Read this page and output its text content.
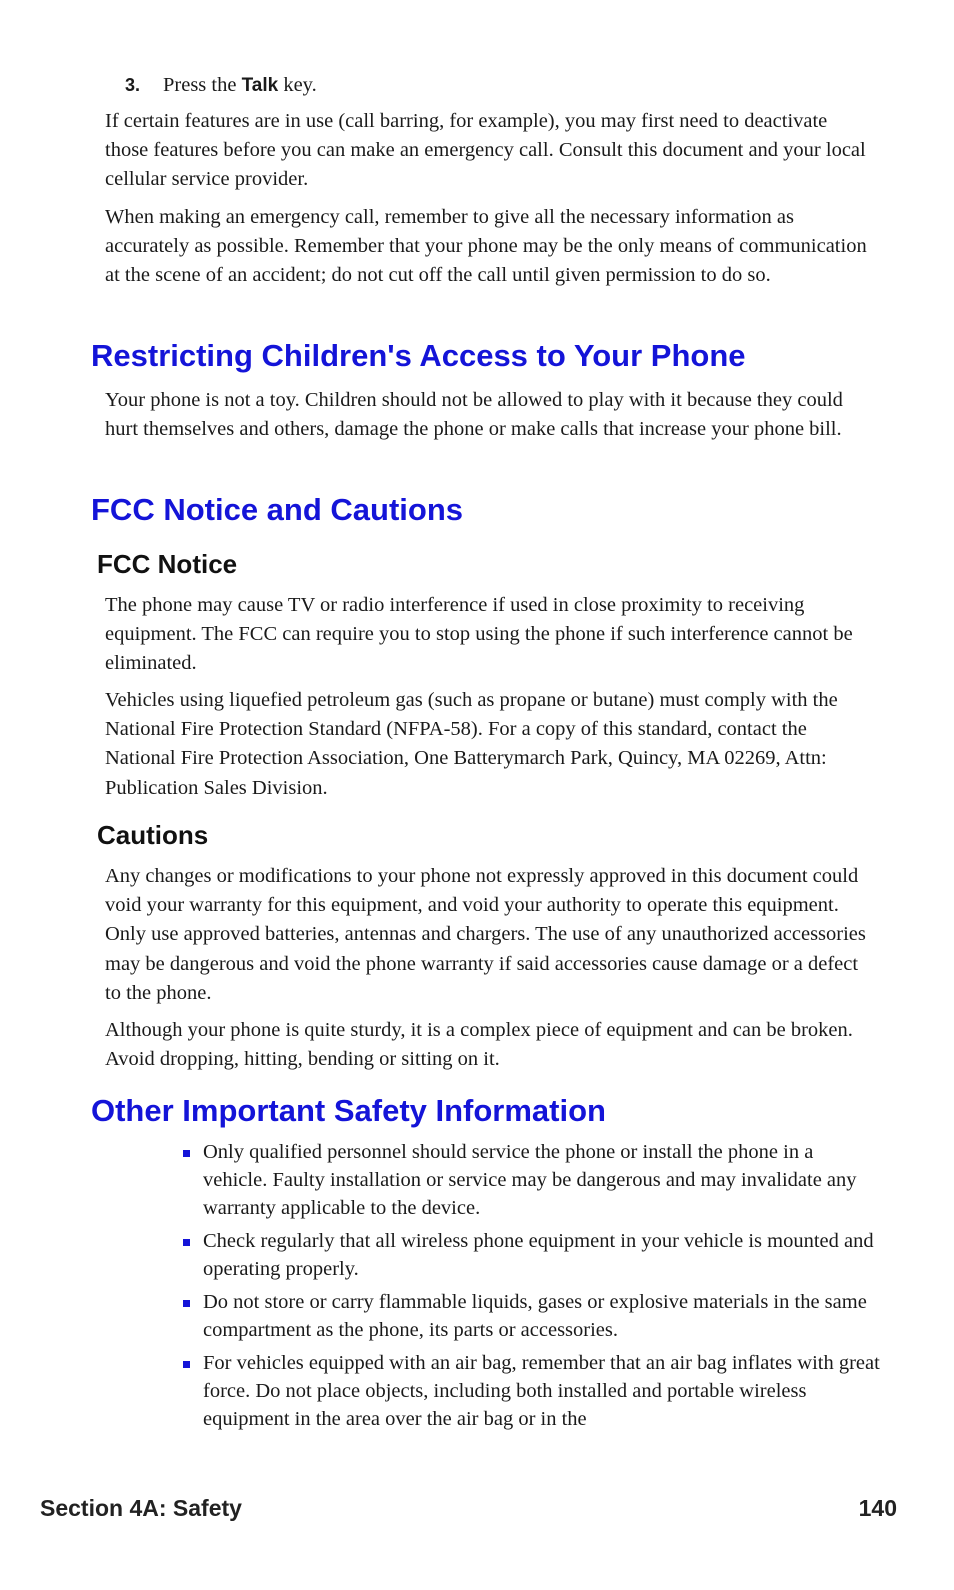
3. Press the Talk key.

If certain features are in use (call barring, for example), you may first need to deactivate those features before you can make an emergency call. Consult this document and your local cellular service provider.

When making an emergency call, remember to give all the necessary information as accurately as possible. Remember that your phone may be the only means of communication at the scene of an accident; do not cut off the call until given permission to do so.

Restricting Children's Access to Your Phone

Your phone is not a toy. Children should not be allowed to play with it because they could hurt themselves and others, damage the phone or make calls that increase your phone bill.

FCC Notice and Cautions
FCC Notice

The phone may cause TV or radio interference if used in close proximity to receiving equipment. The FCC can require you to stop using the phone if such interference cannot be eliminated.

Vehicles using liquefied petroleum gas (such as propane or butane) must comply with the National Fire Protection Standard (NFPA-58). For a copy of this standard, contact the National Fire Protection Association, One Batterymarch Park, Quincy, MA 02269, Attn: Publication Sales Division.

Cautions

Any changes or modifications to your phone not expressly approved in this document could void your warranty for this equipment, and void your authority to operate this equipment. Only use approved batteries, antennas and chargers. The use of any unauthorized accessories may be dangerous and void the phone warranty if said accessories cause damage or a defect to the phone.

Although your phone is quite sturdy, it is a complex piece of equipment and can be broken. Avoid dropping, hitting, bending or sitting on it.

Other Important Safety Information
Only qualified personnel should service the phone or install the phone in a vehicle. Faulty installation or service may be dangerous and may invalidate any warranty applicable to the device.
Check regularly that all wireless phone equipment in your vehicle is mounted and operating properly.
Do not store or carry flammable liquids, gases or explosive materials in the same compartment as the phone, its parts or accessories.
For vehicles equipped with an air bag, remember that an air bag inflates with great force. Do not place objects, including both installed and portable wireless equipment in the area over the air bag or in the
Section 4A: Safety	140
